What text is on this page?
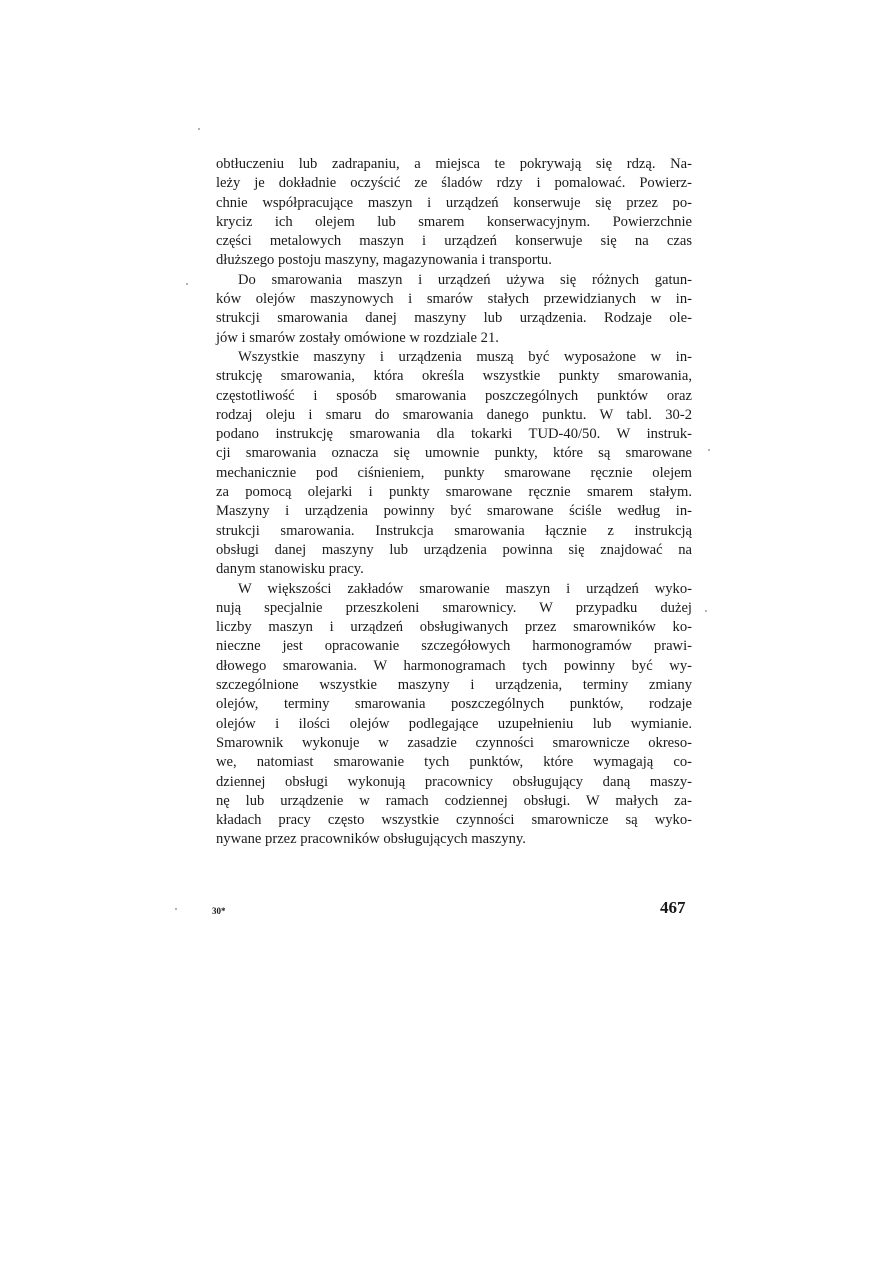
obtłuczeniu lub zadrapaniu, a miejsca te pokrywają się rdzą. Na-
leży je dokładnie oczyścić ze śladów rdzy i pomalować. Powierz-
chnie współpracujące maszyn i urządzeń konserwuje się przez po-
kryciz ich olejem lub smarem konserwacyjnym. Powierzchnie
części metalowych maszyn i urządzeń konserwuje się na czas
dłuższego postoju maszyny, magazynowania i transportu.
Do smarowania maszyn i urządzeń używa się różnych gatun-
ków olejów maszynowych i smarów stałych przewidzianych w in-
strukcji smarowania danej maszyny lub urządzenia. Rodzaje ole-
jów i smarów zostały omówione w rozdziale 21.
Wszystkie maszyny i urządzenia muszą być wyposażone w in-
strukcję smarowania, która określa wszystkie punkty smarowania,
częstotliwość i sposób smarowania poszczególnych punktów oraz
rodzaj oleju i smaru do smarowania danego punktu. W tabl. 30-2
podano instrukcję smarowania dla tokarki TUD-40/50. W instruk-
cji smarowania oznacza się umownie punkty, które są smarowane
mechanicznie pod ciśnieniem, punkty smarowane ręcznie olejem
za pomocą olejarki i punkty smarowane ręcznie smarem stałym.
Maszyny i urządzenia powinny być smarowane ściśle według in-
strukcji smarowania. Instrukcja smarowania łącznie z instrukcją
obsługi danej maszyny lub urządzenia powinna się znajdować na
danym stanowisku pracy.
W większości zakładów smarowanie maszyn i urządzeń wyko-
nują specjalnie przeszkoleni smarownicy. W przypadku dużej
liczby maszyn i urządzeń obsługiwanych przez smarowników ko-
nieczne jest opracowanie szczegółowych harmonogramów prawi-
dłowego smarowania. W harmonogramach tych powinny być wy-
szczególnione wszystkie maszyny i urządzenia, terminy zmiany
olejów, terminy smarowania poszczególnych punktów, rodzaje
olejów i ilości olejów podlegające uzupełnieniu lub wymianie.
Smarownik wykonuje w zasadzie czynności smarownicze okreso-
we, natomiast smarowanie tych punktów, które wymagają co-
dziennej obsługi wykonują pracownicy obsługujący daną maszy-
nę lub urządzenie w ramach codziennej obsługi. W małych za-
kładach pracy często wszystkie czynności smarownicze są wyko-
nywane przez pracowników obsługujących maszyny.
30*	467
